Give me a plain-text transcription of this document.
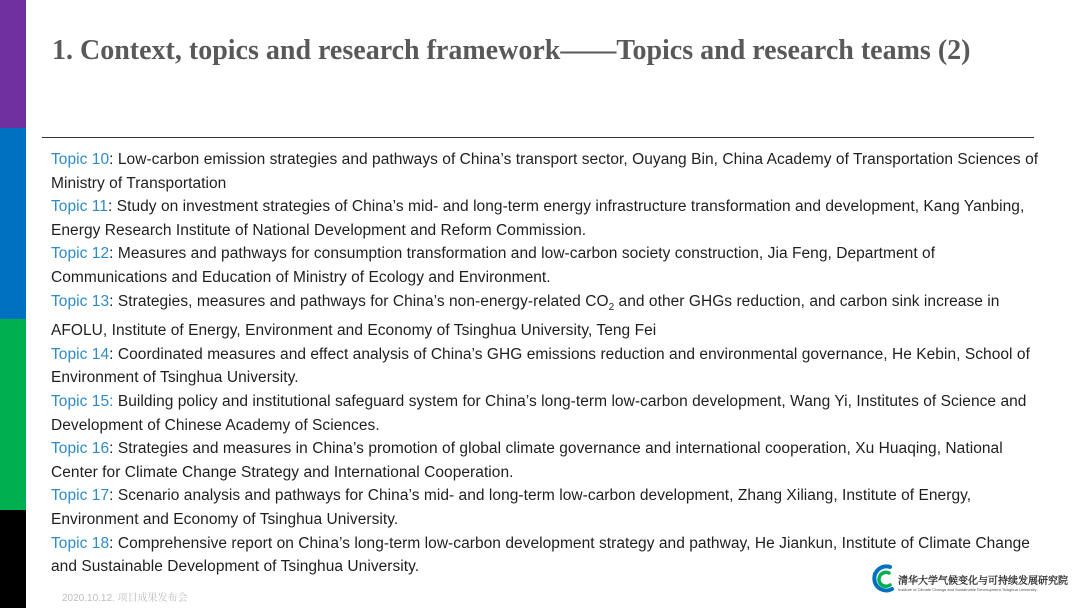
1. Context, topics and research framework——Topics and research teams (2)
Topic 10: Low-carbon emission strategies and pathways of China’s transport sector, Ouyang Bin, China Academy of Transportation Sciences of Ministry of Transportation
Topic 11: Study on investment strategies of China’s mid- and long-term energy infrastructure transformation and development, Kang Yanbing, Energy Research Institute of National Development and Reform Commission.
Topic 12: Measures and pathways for consumption transformation and low-carbon society construction, Jia Feng, Department of Communications and Education of Ministry of Ecology and Environment.
Topic 13: Strategies, measures and pathways for China’s non-energy-related $CO_2$ and other GHGs reduction, and carbon sink increase in AFOLU, Institute of Energy, Environment and Economy of Tsinghua University, Teng Fei
Topic 14: Coordinated measures and effect analysis of China’s GHG emissions reduction and environmental governance, He Kebin, School of Environment of Tsinghua University.
Topic 15: Building policy and institutional safeguard system for China’s long-term low-carbon development, Wang Yi, Institutes of Science and Development of Chinese Academy of Sciences.
Topic 16: Strategies and measures in China’s promotion of global climate governance and international cooperation, Xu Huaqing, National Center for Climate Change Strategy and International Cooperation.
Topic 17: Scenario analysis and pathways for China’s mid- and long-term low-carbon development, Zhang Xiliang, Institute of Energy, Environment and Economy of Tsinghua University.
Topic 18: Comprehensive report on China’s long-term low-carbon development strategy and pathway, He Jiankun, Institute of Climate Change and Sustainable Development of Tsinghua University.
2020.10.12. 项目成果发布会
清华大学气候变化与可持续发展研究院
Institute of Climate Change and Sustainable Development,Tsinghua University
